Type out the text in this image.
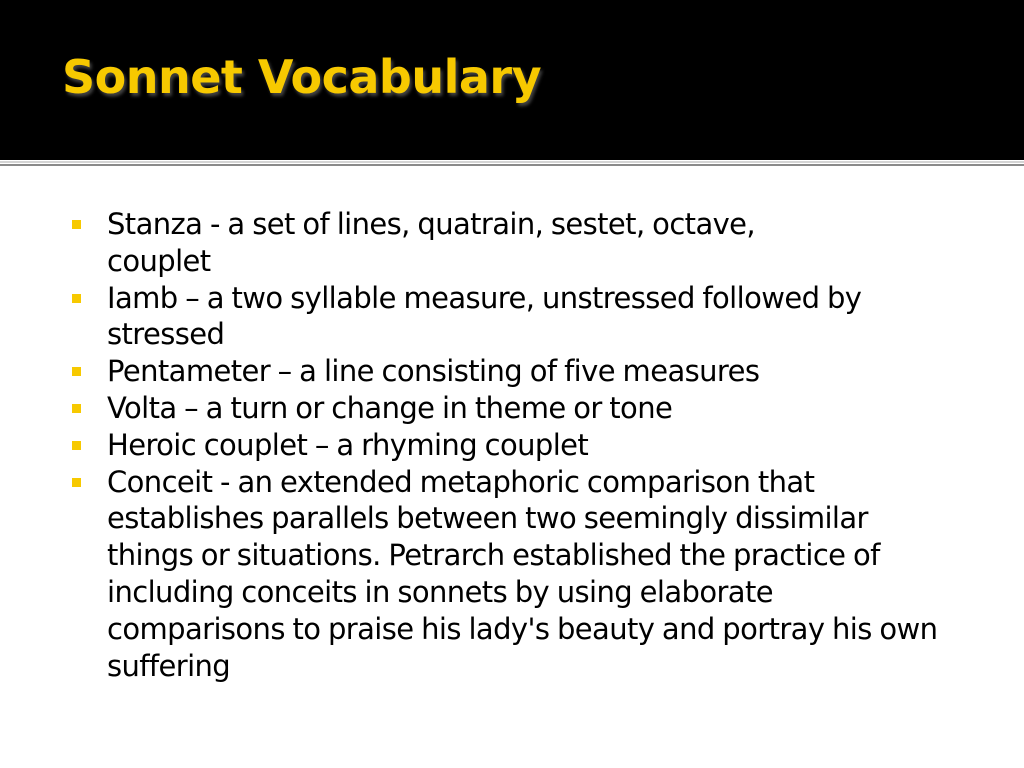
Sonnet Vocabulary
Stanza - a set of lines, quatrain, sestet, octave, couplet
Iamb – a two syllable measure, unstressed followed by stressed
Pentameter – a line consisting of five measures
Volta – a turn or change in theme or tone
Heroic couplet – a rhyming couplet
Conceit - an extended metaphoric comparison that establishes parallels between two seemingly dissimilar things or situations. Petrarch established the practice of including conceits in sonnets by using elaborate comparisons to praise his lady's beauty and portray his own suffering
